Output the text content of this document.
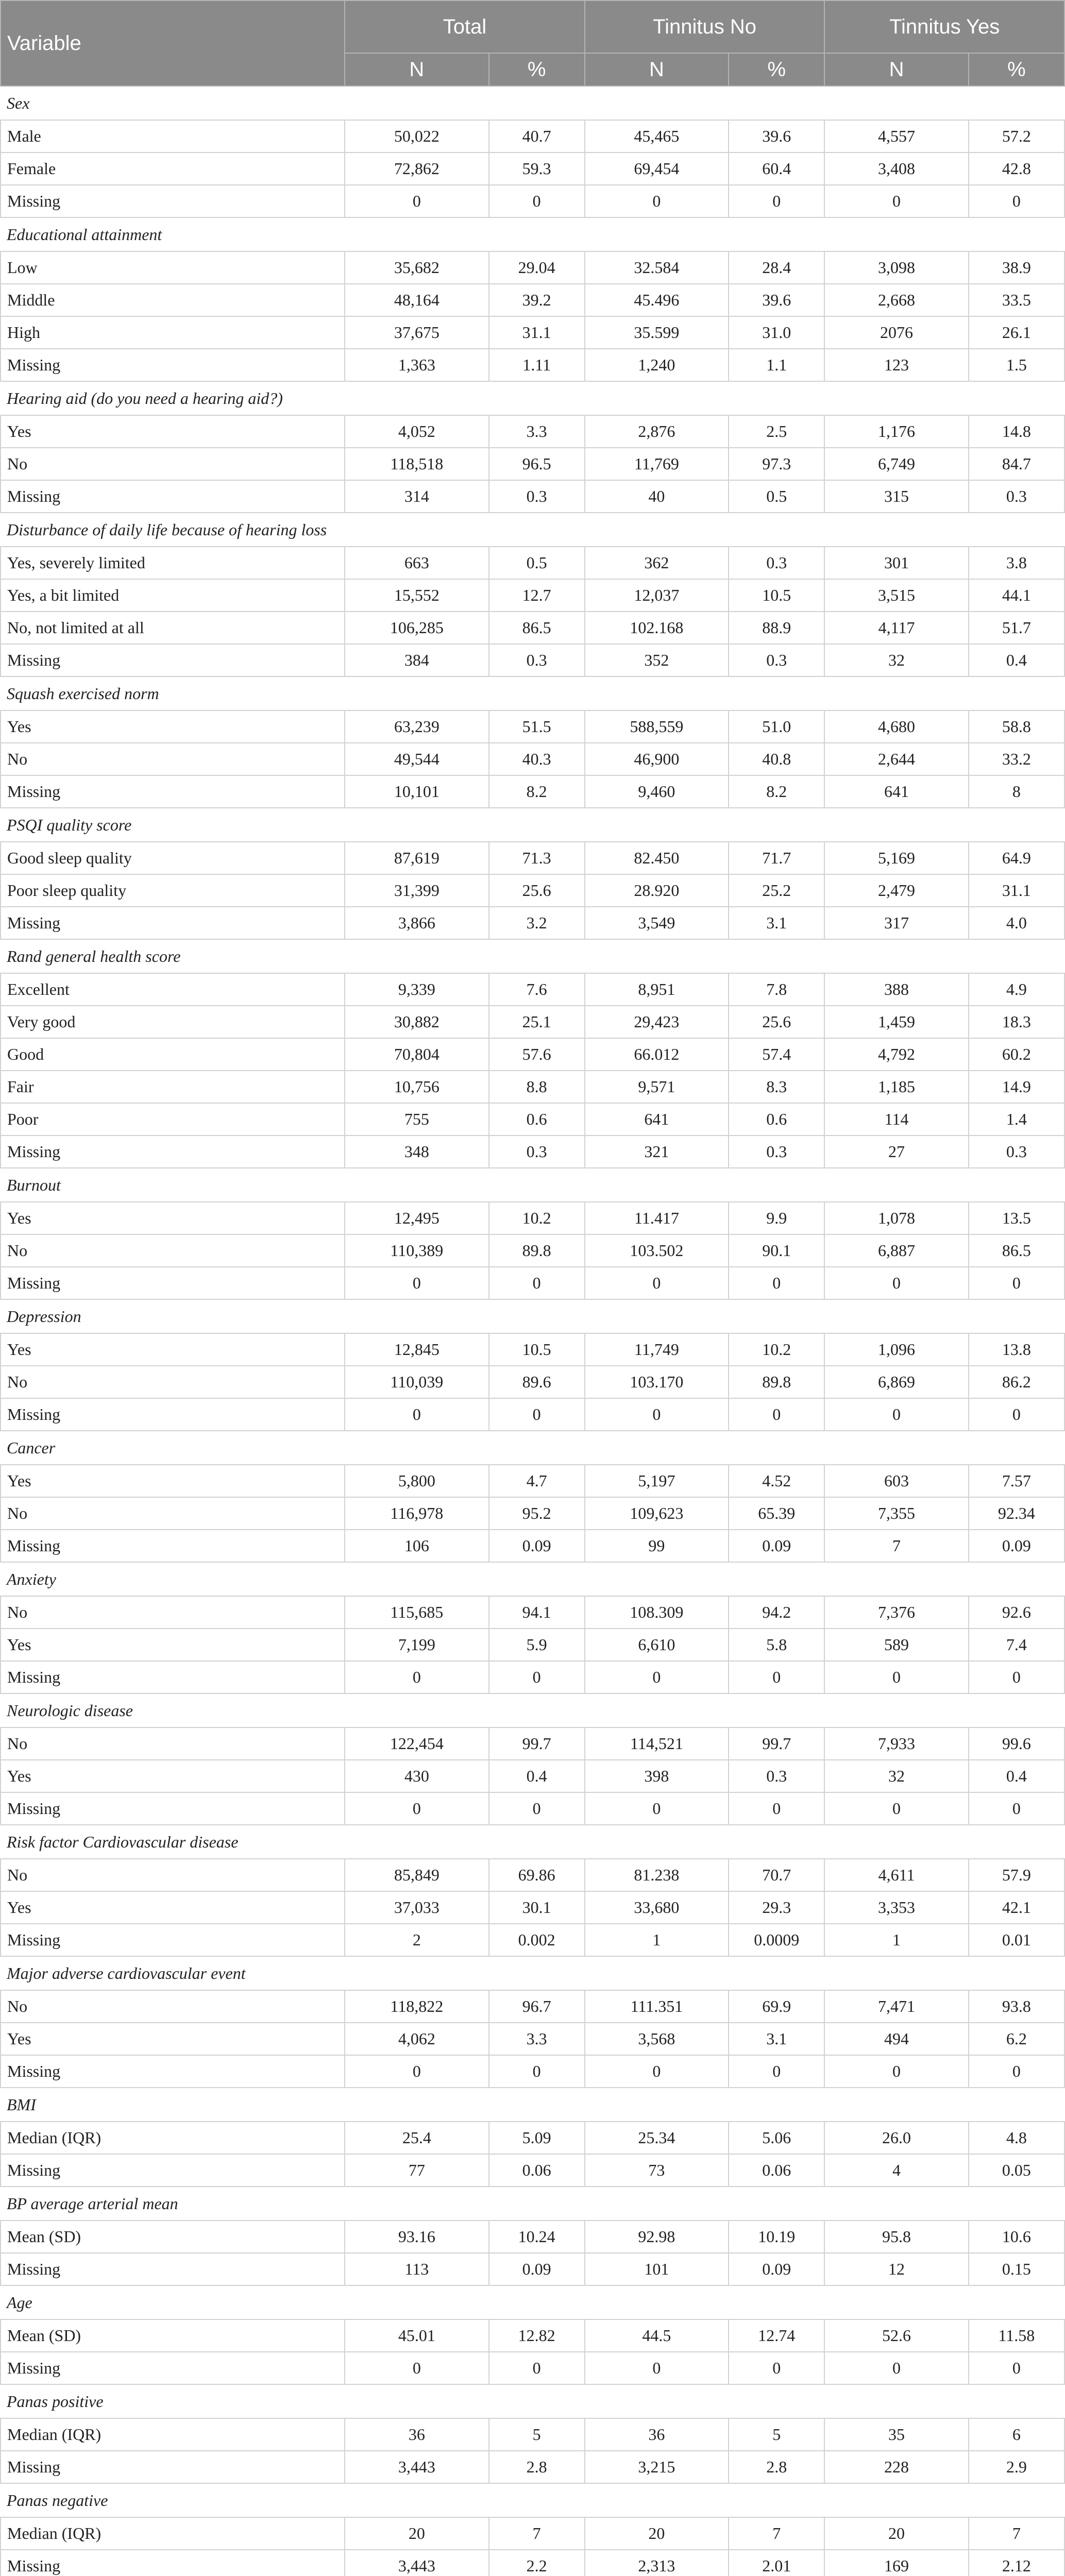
Variable	Total		Tinnitus No		Tinnitus Yes	
	N	%	N	%	N	%
Sex						
Male	50,022	40.7	45,465	39.6	4,557	57.2
Female	72,862	59.3	69,454	60.4	3,408	42.8
Missing	0	0	0	0	0	0
Educational attainment						
Low	35,682	29.04	32.584	28.4	3,098	38.9
Middle	48,164	39.2	45.496	39.6	2,668	33.5
High	37,675	31.1	35.599	31.0	2076	26.1
Missing	1,363	1.11	1,240	1.1	123	1.5
Hearing aid (do you need a hearing aid?)						
Yes	4,052	3.3	2,876	2.5	1,176	14.8
No	118,518	96.5	11,769	97.3	6,749	84.7
Missing	314	0.3	40	0.5	315	0.3
Disturbance of daily life because of hearing loss						
Yes, severely limited	663	0.5	362	0.3	301	3.8
Yes, a bit limited	15,552	12.7	12,037	10.5	3,515	44.1
No, not limited at all	106,285	86.5	102.168	88.9	4,117	51.7
Missing	384	0.3	352	0.3	32	0.4
Squash exercised norm						
Yes	63,239	51.5	588,559	51.0	4,680	58.8
No	49,544	40.3	46,900	40.8	2,644	33.2
Missing	10,101	8.2	9,460	8.2	641	8
PSQI quality score						
Good sleep quality	87,619	71.3	82.450	71.7	5,169	64.9
Poor sleep quality	31,399	25.6	28.920	25.2	2,479	31.1
Missing	3,866	3.2	3,549	3.1	317	4.0
Rand general health score						
Excellent	9,339	7.6	8,951	7.8	388	4.9
Very good	30,882	25.1	29,423	25.6	1,459	18.3
Good	70,804	57.6	66.012	57.4	4,792	60.2
Fair	10,756	8.8	9,571	8.3	1,185	14.9
Poor	755	0.6	641	0.6	114	1.4
Missing	348	0.3	321	0.3	27	0.3
Burnout						
Yes	12,495	10.2	11.417	9.9	1,078	13.5
No	110,389	89.8	103.502	90.1	6,887	86.5
Missing	0	0	0	0	0	0
Depression						
Yes	12,845	10.5	11,749	10.2	1,096	13.8
No	110,039	89.6	103.170	89.8	6,869	86.2
Missing	0	0	0	0	0	0
Cancer						
Yes	5,800	4.7	5,197	4.52	603	7.57
No	116,978	95.2	109,623	65.39	7,355	92.34
Missing	106	0.09	99	0.09	7	0.09
Anxiety						
No	115,685	94.1	108.309	94.2	7,376	92.6
Yes	7,199	5.9	6,610	5.8	589	7.4
Missing	0	0	0	0	0	0
Neurologic disease						
No	122,454	99.7	114,521	99.7	7,933	99.6
Yes	430	0.4	398	0.3	32	0.4
Missing	0	0	0	0	0	0
Risk factor Cardiovascular disease						
No	85,849	69.86	81.238	70.7	4,611	57.9
Yes	37,033	30.1	33,680	29.3	3,353	42.1
Missing	2	0.002	1	0.0009	1	0.01
Major adverse cardiovascular event						
No	118,822	96.7	111.351	69.9	7,471	93.8
Yes	4,062	3.3	3,568	3.1	494	6.2
Missing	0	0	0	0	0	0
BMI						
Median (IQR)	25.4	5.09	25.34	5.06	26.0	4.8
Missing	77	0.06	73	0.06	4	0.05
BP average arterial mean						
Mean (SD)	93.16	10.24	92.98	10.19	95.8	10.6
Missing	113	0.09	101	0.09	12	0.15
Age						
Mean (SD)	45.01	12.82	44.5	12.74	52.6	11.58
Missing	0	0	0	0	0	0
Panas positive						
Median (IQR)	36	5	36	5	35	6
Missing	3,443	2.8	3,215	2.8	228	2.9
Panas negative						
Median (IQR)	20	7	20	7	20	7
Missing	3,443	2.2	2,313	2.01	169	2.12
